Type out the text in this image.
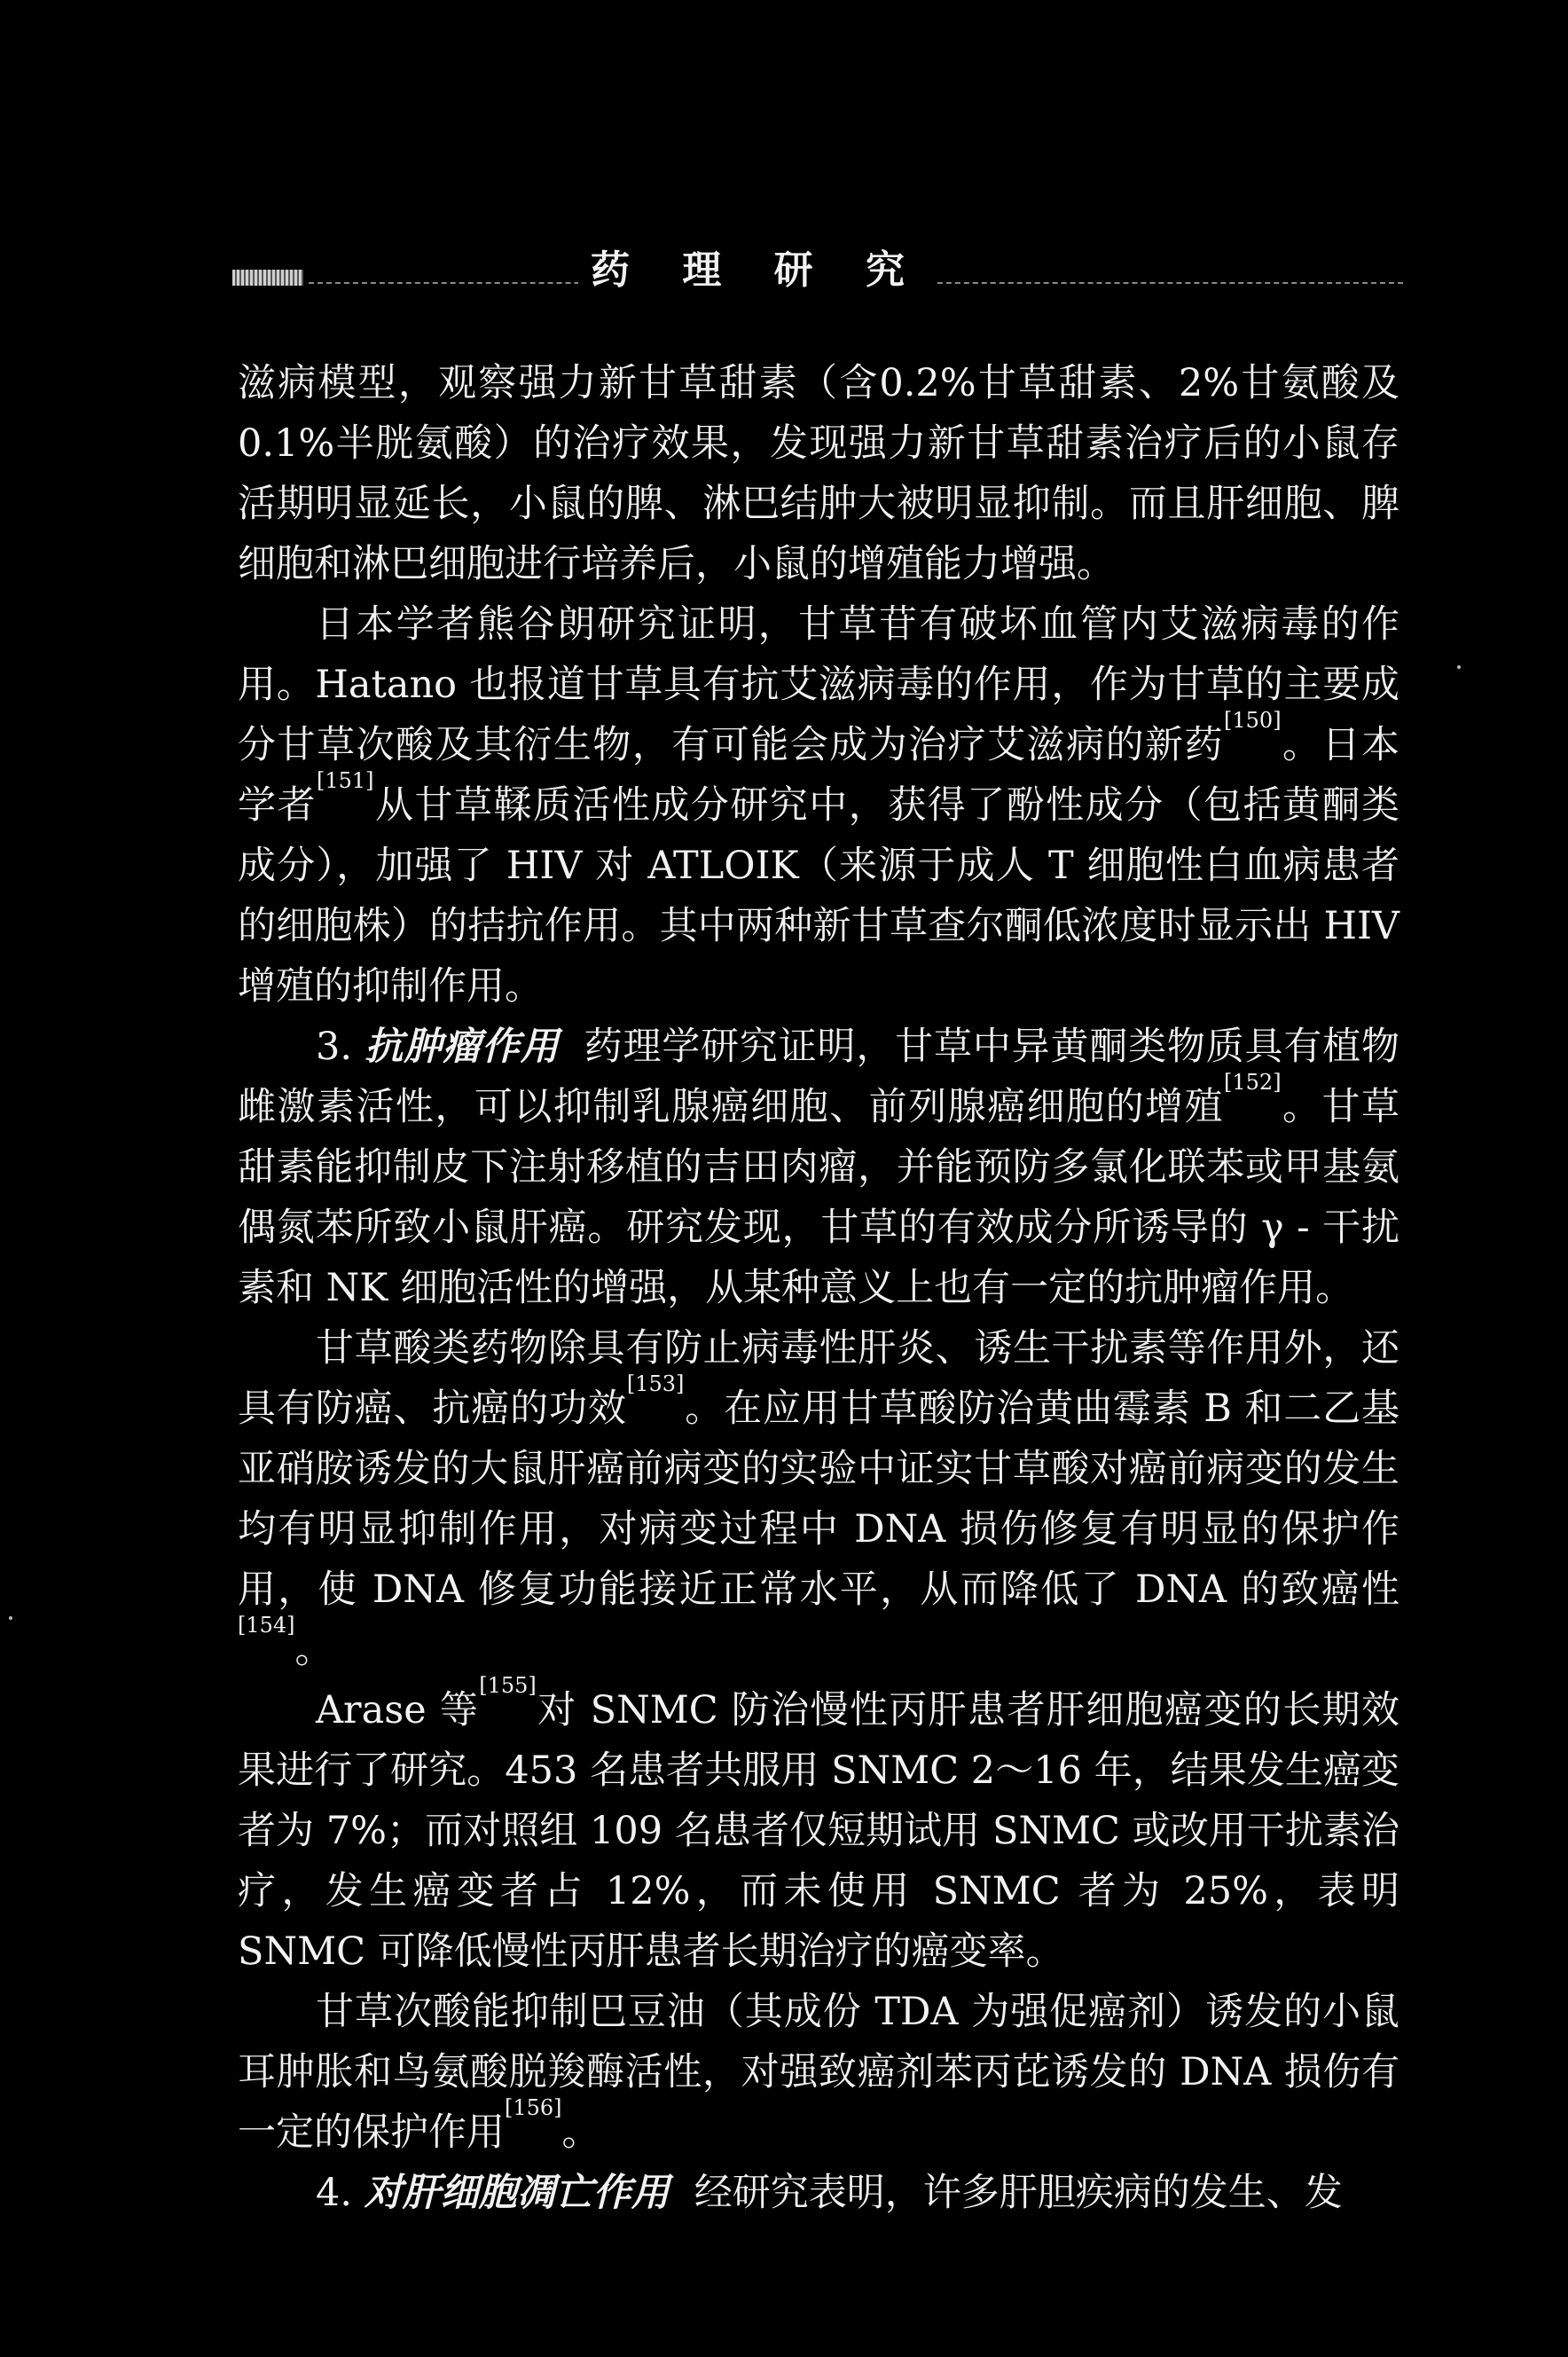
药 理 研 究

滋病模型，观察强力新甘草甜素（含0.2%甘草甜素、2%甘氨酸及0.1%半胱氨酸）的治疗效果，发现强力新甘草甜素治疗后的小鼠存活期明显延长，小鼠的脾、淋巴结肿大被明显抑制。而且肝细胞、脾细胞和淋巴细胞进行培养后，小鼠的增殖能力增强。

日本学者熊谷朗研究证明，甘草苷有破坏血管内艾滋病毒的作用。Hatano 也报道甘草具有抗艾滋病毒的作用，作为甘草的主要成分甘草次酸及其衍生物，有可能会成为治疗艾滋病的新药[150]。日本学者[151]从甘草鞣质活性成分研究中，获得了酚性成分（包括黄酮类成分），加强了 HIV 对 ATLOIK（来源于成人 T 细胞性白血病患者的细胞株）的拮抗作用。其中两种新甘草查尔酮低浓度时显示出 HIV 增殖的抑制作用。

3. 抗肿瘤作用 药理学研究证明，甘草中异黄酮类物质具有植物雌激素活性，可以抑制乳腺癌细胞、前列腺癌细胞的增殖[152]。甘草甜素能抑制皮下注射移植的吉田肉瘤，并能预防多氯化联苯或甲基氨偶氮苯所致小鼠肝癌。研究发现，甘草的有效成分所诱导的 γ - 干扰素和 NK 细胞活性的增强，从某种意义上也有一定的抗肿瘤作用。

甘草酸类药物除具有防止病毒性肝炎、诱生干扰素等作用外，还具有防癌、抗癌的功效[153]。在应用甘草酸防治黄曲霉素 B 和二乙基亚硝胺诱发的大鼠肝癌前病变的实验中证实甘草酸对癌前病变的发生均有明显抑制作用，对病变过程中 DNA 损伤修复有明显的保护作用，使 DNA 修复功能接近正常水平，从而降低了 DNA 的致癌性[154]。

Arase 等[155]对 SNMC 防治慢性丙肝患者肝细胞癌变的长期效果进行了研究。453 名患者共服用 SNMC 2～16 年，结果发生癌变者为 7%；而对照组 109 名患者仅短期试用 SNMC 或改用干扰素治疗，发生癌变者占 12%，而未使用 SNMC 者为 25%，表明 SNMC 可降低慢性丙肝患者长期治疗的癌变率。

甘草次酸能抑制巴豆油（其成份 TDA 为强促癌剂）诱发的小鼠耳肿胀和鸟氨酸脱羧酶活性，对强致癌剂苯丙芘诱发的 DNA 损伤有一定的保护作用[156]。

4. 对肝细胞凋亡作用 经研究表明，许多肝胆疾病的发生、发
